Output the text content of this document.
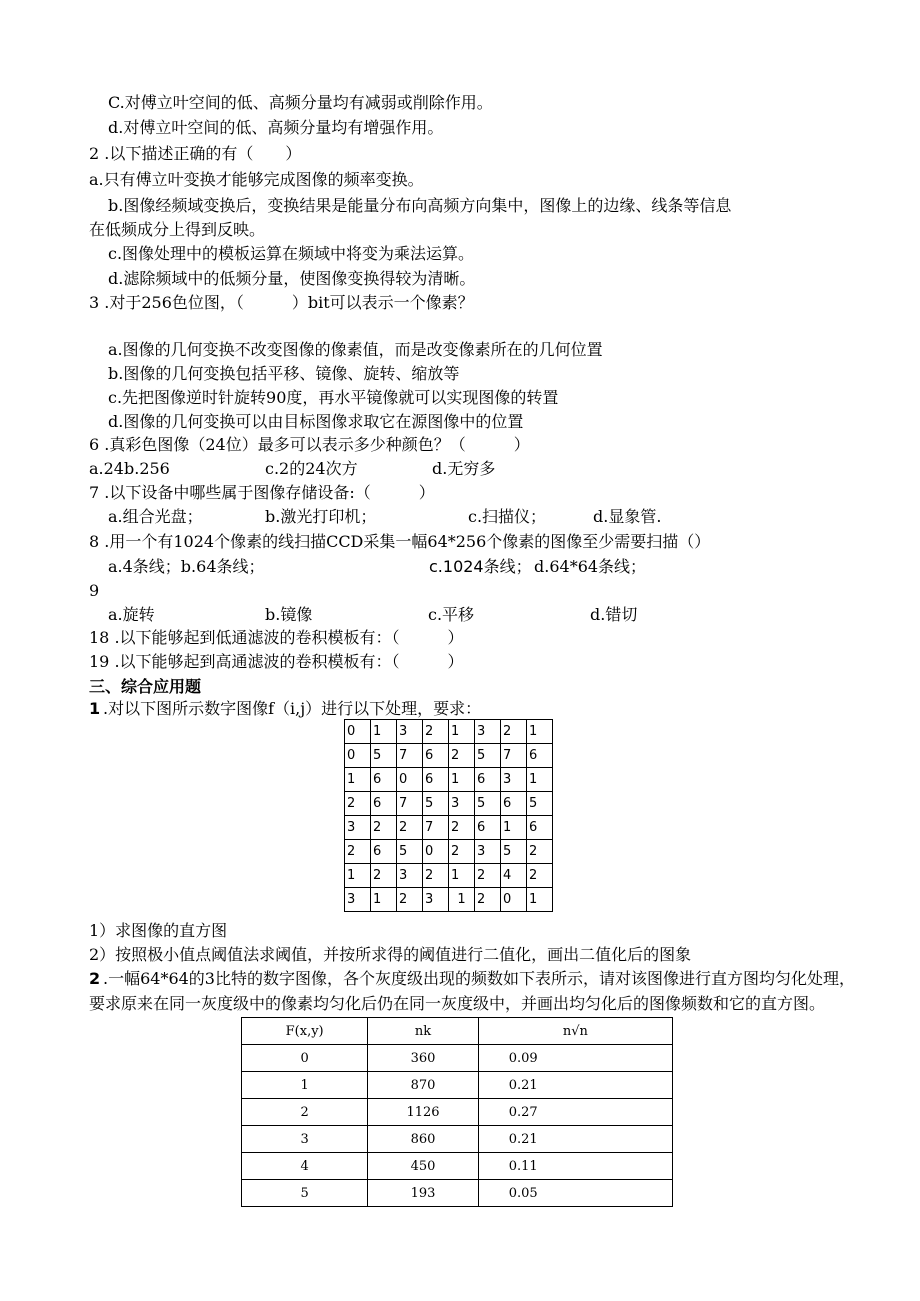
C.对傅立叶空间的低、高频分量均有减弱或削除作用。
d.对傅立叶空间的低、高频分量均有增强作用。
2 .以下描述正确的有（　　）
a.只有傅立叶变换才能够完成图像的频率变换。
b.图像经频域变换后，变换结果是能量分布向高频方向集中，图像上的边缘、线条等信息
在低频成分上得到反映。
c.图像处理中的模板运算在频域中将变为乘法运算。
d.滤除频域中的低频分量，使图像变换得较为清晰。
3 .对于256色位图，（　　　）bit可以表示一个像素？
a.图像的几何变换不改变图像的像素值，而是改变像素所在的几何位置
b.图像的几何变换包括平移、镜像、旋转、缩放等
c.先把图像逆时针旋转90度，再水平镜像就可以实现图像的转置
d.图像的几何变换可以由目标图像求取它在源图像中的位置
6 .真彩色图像（24位）最多可以表示多少种颜色？（　　　）
a.24b.256	c.2的24次方	d.无穷多
7 .以下设备中哪些属于图像存储设备:（　　　）
a.组合光盘；	b.激光打印机；	c.扫描仪；	d.显象管.
8 .用一个有1024个像素的线扫描CCD采集一幅64*256个像素的图像至少需要扫描（）
a.4条线；b.64条线；	c.1024条线； d.64*64条线；
9
a.旋转	b.镜像	c.平移	d.错切
18 .以下能够起到低通滤波的卷积模板有：（　　　）
19 .以下能够起到高通滤波的卷积模板有：（　　　）
三、综合应用题
1 .对以下图所示数字图像f（i,j）进行以下处理，要求：
0	1	3	2	1	3	2	1
0	5	7	6	2	5	7	6
1	6	0	6	1	6	3	1
2	6	7	5	3	5	6	5
3	2	2	7	2	6	1	6
2	6	5	0	2	3	5	2
1	2	3	2	1	2	4	2
3	1	2	3	1	2	0	1
1）求图像的直方图
2）按照极小值点阈值法求阈值，并按所求得的阈值进行二值化，画出二值化后的图象
2 .一幅64*64的3比特的数字图像，各个灰度级出现的频数如下表所示，请对该图像进行直方图均匀化处理，
要求原来在同一灰度级中的像素均匀化后仍在同一灰度级中，并画出均匀化后的图像频数和它的直方图。
F(x,y)	nk	n√n
0	360	0.09
1	870	0.21
2	1126	0.27
3	860	0.21
4	450	0.11
5	193	0.05
